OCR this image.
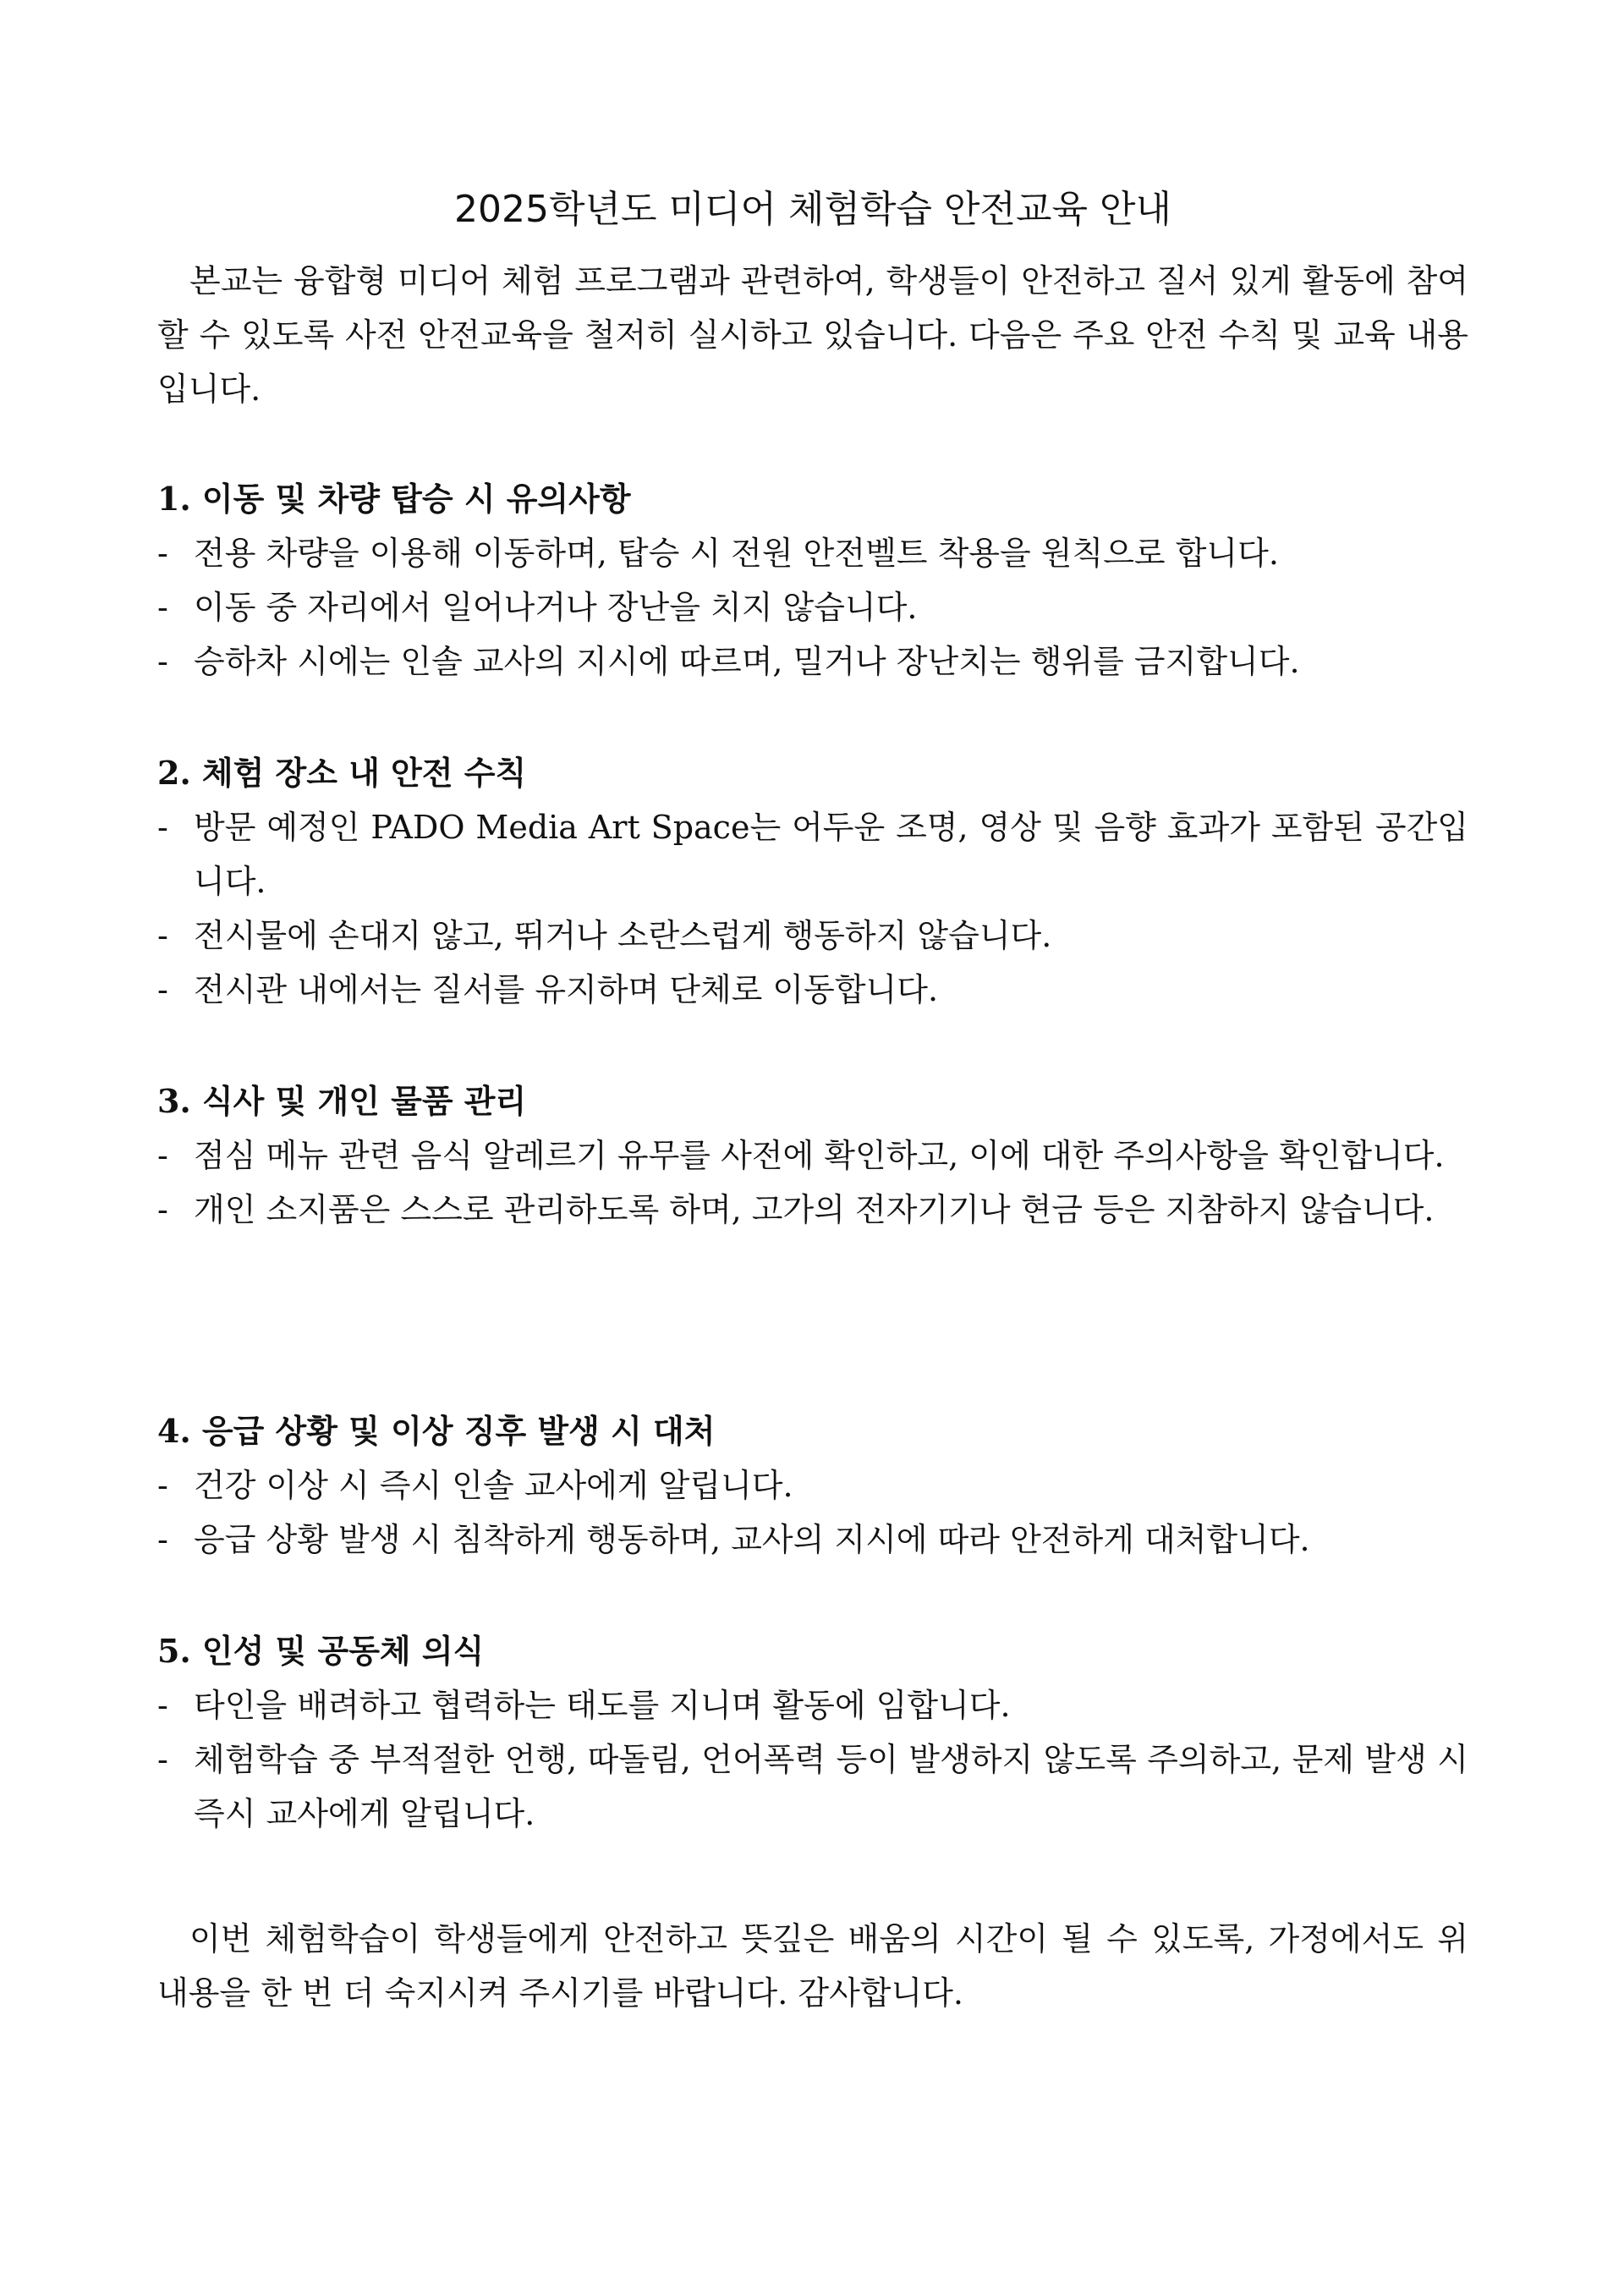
2025학년도 미디어 체험학습 안전교육 안내

본교는 융합형 미디어 체험 프로그램과 관련하여, 학생들이 안전하고 질서 있게 활동에 참여할 수 있도록 사전 안전교육을 철저히 실시하고 있습니다. 다음은 주요 안전 수칙 및 교육 내용입니다.

1. 이동 및 차량 탑승 시 유의사항

- 전용 차량을 이용해 이동하며, 탑승 시 전원 안전벨트 착용을 원칙으로 합니다.

- 이동 중 자리에서 일어나거나 장난을 치지 않습니다.

- 승하차 시에는 인솔 교사의 지시에 따르며, 밀거나 장난치는 행위를 금지합니다.

2. 체험 장소 내 안전 수칙

- 방문 예정인 PADO Media Art Space는 어두운 조명, 영상 및 음향 효과가 포함된 공간입니다.

- 전시물에 손대지 않고, 뛰거나 소란스럽게 행동하지 않습니다.

- 전시관 내에서는 질서를 유지하며 단체로 이동합니다.

3. 식사 및 개인 물품 관리

- 점심 메뉴 관련 음식 알레르기 유무를 사전에 확인하고, 이에 대한 주의사항을 확인합니다.

- 개인 소지품은 스스로 관리하도록 하며, 고가의 전자기기나 현금 등은 지참하지 않습니다.

4. 응급 상황 및 이상 징후 발생 시 대처

- 건강 이상 시 즉시 인솔 교사에게 알립니다.

- 응급 상황 발생 시 침착하게 행동하며, 교사의 지시에 따라 안전하게 대처합니다.

5. 인성 및 공동체 의식

- 타인을 배려하고 협력하는 태도를 지니며 활동에 임합니다.

- 체험학습 중 부적절한 언행, 따돌림, 언어폭력 등이 발생하지 않도록 주의하고, 문제 발생 시 즉시 교사에게 알립니다.

이번 체험학습이 학생들에게 안전하고 뜻깊은 배움의 시간이 될 수 있도록, 가정에서도 위 내용을 한 번 더 숙지시켜 주시기를 바랍니다. 감사합니다.
